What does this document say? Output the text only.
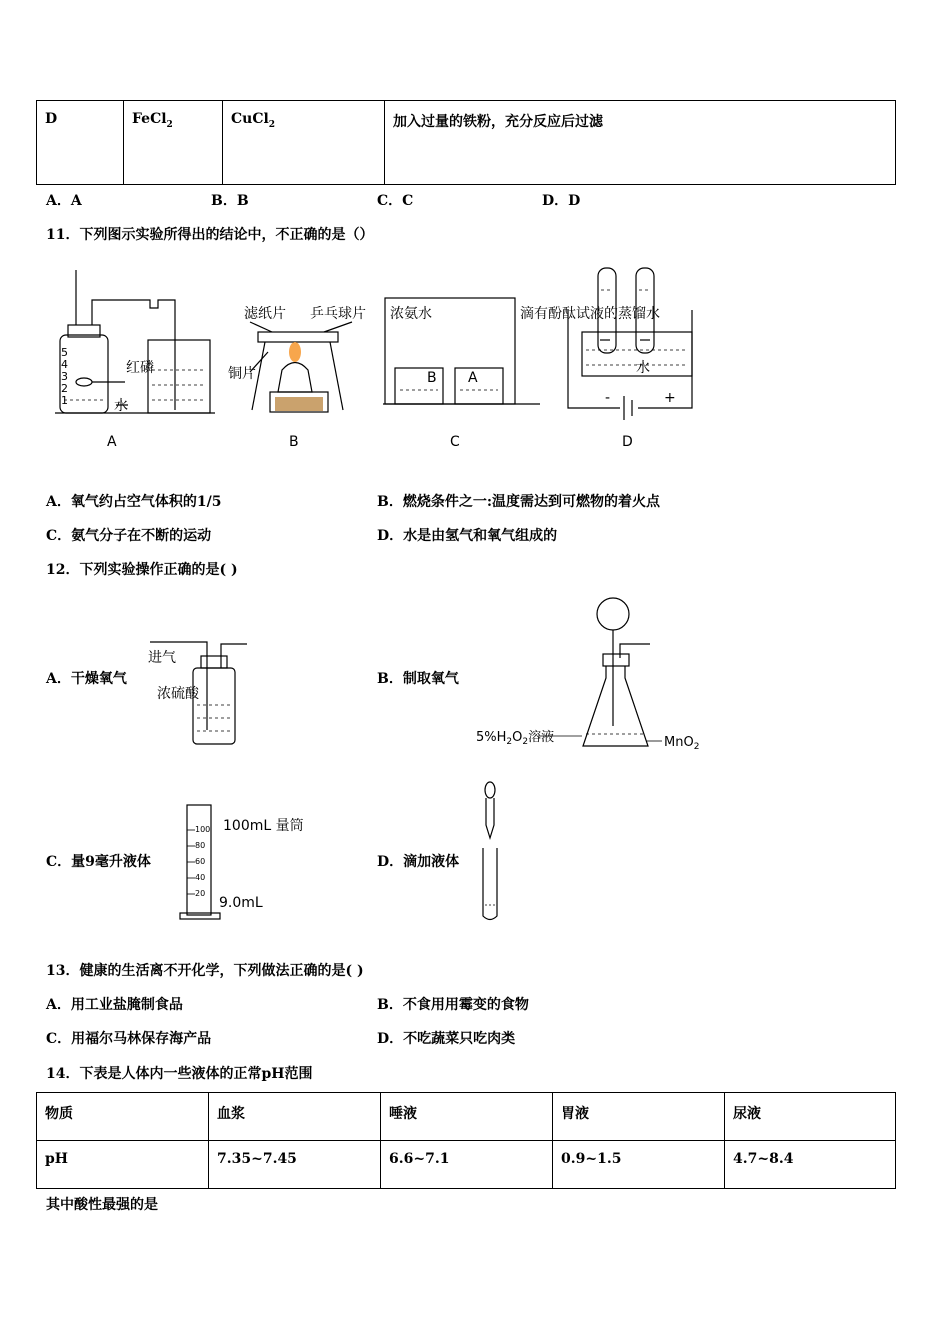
D	FeCl$_2$	CuCl$_2$	加入过量的铁粉，充分反应后过滤
A．A	B．B	C．C	D．D
11．下列图示实验所得出的结论中，不正确的是（）
5
4
3
2
1
红磷
水
滤纸片 乒乓球片
铜片
浓氨水	滴有酚酞试液的蒸馏水
B A
水
-	+
A	B	C	D
A．氧气约占空气体积的1/5	B．燃烧条件之一:温度需达到可燃物的着火点
C．氨气分子在不断的运动	D．水是由氢气和氧气组成的
12．下列实验操作正确的是( )
A．干燥氧气
进气
浓硫酸
B．制取氧气
$5\%H_2O_2$溶液	MnO$_2$
C．量9毫升液体
100
80
60
40
20
100mL 量筒
9.0mL
D．滴加液体
13．健康的生活离不开化学，下列做法正确的是( )
A．用工业盐腌制食品	B．不食用用霉变的食物
C．用福尔马林保存海产品	D．不吃蔬菜只吃肉类
14．下表是人体内一些液体的正常pH范围
物质	血浆	唾液	胃液	尿液
pH	7.35~7.45	6.6~7.1	0.9~1.5	4.7~8.4
其中酸性最强的是
